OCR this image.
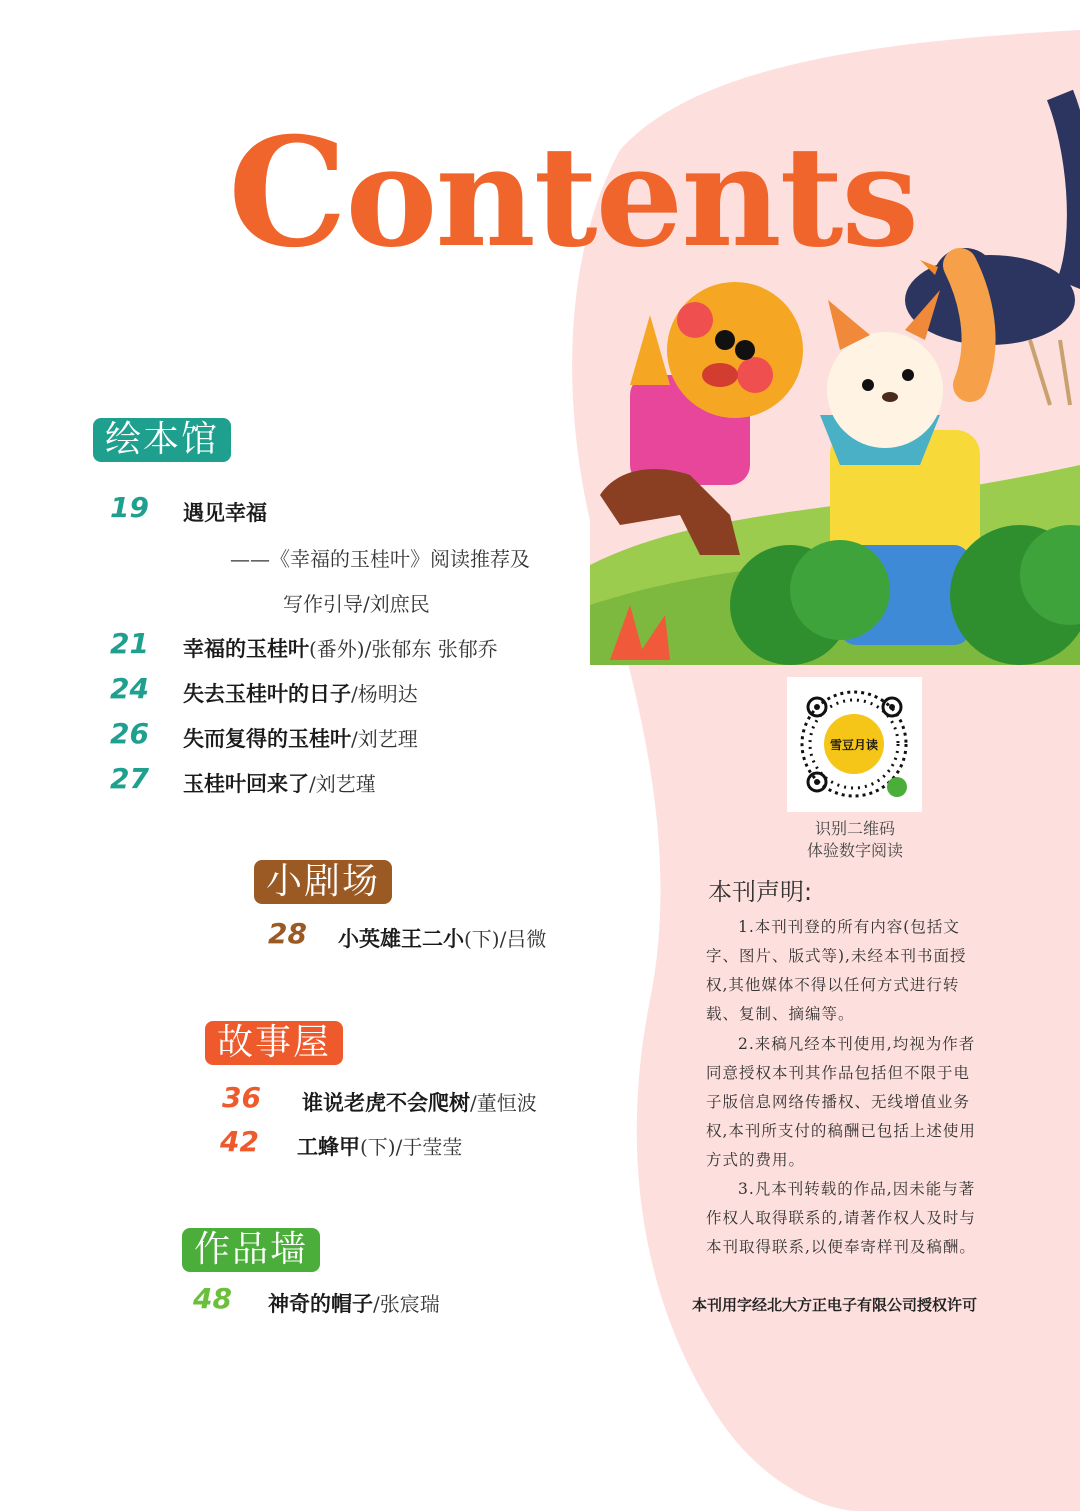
Contents
绘本馆
19 遇见幸福
——《幸福的玉桂叶》阅读推荐及
写作引导/刘庶民
21 幸福的玉桂叶(番外)/张郁东 张郁乔
24 失去玉桂叶的日子/杨明达
26 失而复得的玉桂叶/刘艺理
27 玉桂叶回来了/刘艺瑾
小剧场
28 小英雄王二小(下)/吕微
故事屋
36 谁说老虎不会爬树/董恒波
42 工蜂甲(下)/于莹莹
作品墙
48 神奇的帽子/张宸瑞
雪豆月读
识别二维码
体验数字阅读
本刊声明:
1.本刊刊登的所有内容(包括文字、图片、版式等),未经本刊书面授权,其他媒体不得以任何方式进行转载、复制、摘编等。
2.来稿凡经本刊使用,均视为作者同意授权本刊其作品包括但不限于电子版信息网络传播权、无线增值业务权,本刊所支付的稿酬已包括上述使用方式的费用。
3.凡本刊转载的作品,因未能与著作权人取得联系的,请著作权人及时与本刊取得联系,以便奉寄样刊及稿酬。
本刊用字经北大方正电子有限公司授权许可
